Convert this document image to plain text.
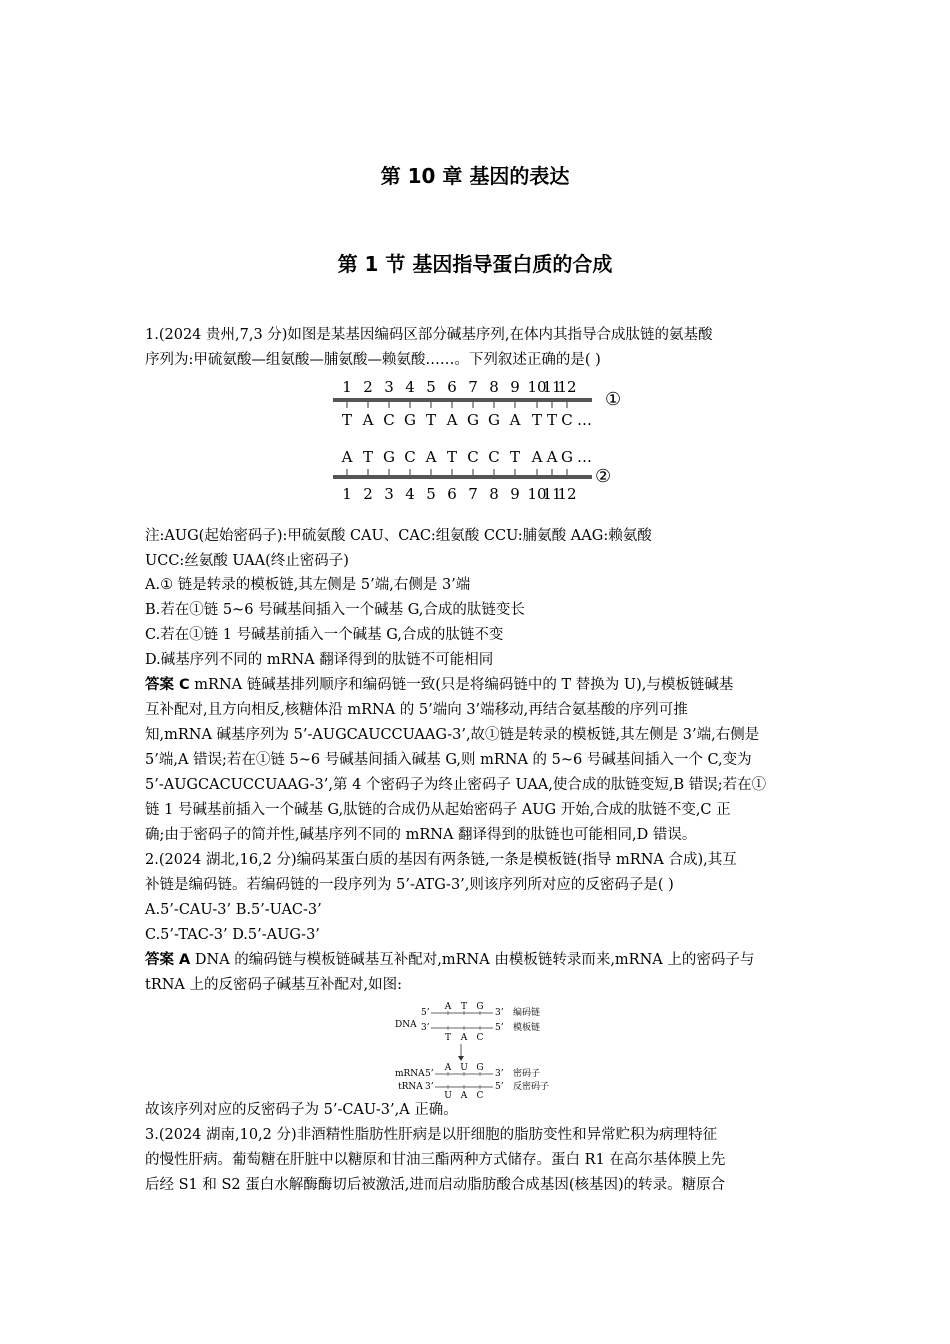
第 10 章 基因的表达
第 1 节 基因指导蛋白质的合成
1.(2024 贵州,7,3 分)如图是某基因编码区部分碱基序列,在体内其指导合成肽链的氨基酸
序列为:甲硫氨酸—组氨酸—脯氨酸—赖氨酸……。下列叙述正确的是( )
1 2 3 4 5 6 7 8 9 10
11
12
①
T A C G T A G G A T T C …
A T G C A T C C T A A G …
②
1 2 3 4 5 6 7 8 9 10
11
12
注:AUG(起始密码子):甲硫氨酸 CAU、CAC:组氨酸 CCU:脯氨酸 AAG:赖氨酸
UCC:丝氨酸 UAA(终止密码子)
A.① 链是转录的模板链,其左侧是 5’端,右侧是 3’端
B.若在①链 5~6 号碱基间插入一个碱基 G,合成的肽链变长
C.若在①链 1 号碱基前插入一个碱基 G,合成的肽链不变
D.碱基序列不同的 mRNA 翻译得到的肽链不可能相同
答案 C mRNA 链碱基排列顺序和编码链一致(只是将编码链中的 T 替换为 U),与模板链碱基
互补配对,且方向相反,核糖体沿 mRNA 的 5’端向 3’端移动,再结合氨基酸的序列可推
知,mRNA 碱基序列为 5’-AUGCAUCCUAAG-3’,故①链是转录的模板链,其左侧是 3’端,右侧是
5’端,A 错误;若在①链 5~6 号碱基间插入碱基 G,则 mRNA 的 5~6 号碱基间插入一个 C,变为
5’-AUGCACUCCUAAG-3’,第 4 个密码子为终止密码子 UAA,使合成的肽链变短,B 错误;若在①
链 1 号碱基前插入一个碱基 G,肽链的合成仍从起始密码子 AUG 开始,合成的肽链不变,C 正
确;由于密码子的简并性,碱基序列不同的 mRNA 翻译得到的肽链也可能相同,D 错误。
2.(2024 湖北,16,2 分)编码某蛋白质的基因有两条链,一条是模板链(指导 mRNA 合成),其互
补链是编码链。若编码链的一段序列为 5’-ATG-3’,则该序列所对应的反密码子是( )
A.5’-CAU-3’ B.5’-UAC-3’
C.5’-TAC-3’ D.5’-AUG-3’
答案 A DNA 的编码链与模板链碱基互补配对,mRNA 由模板链转录而来,mRNA 上的密码子与
tRNA 上的反密码子碱基互补配对,如图:
DNA
5’	3’ 编码链
A T G
3’	5’ 模板链
T A C
mRNA 5’	3’ 密码子
A U G
tRNA 3’	5’ 反密码子
U A C
故该序列对应的反密码子为 5’-CAU-3’,A 正确。
3.(2024 湖南,10,2 分)非酒精性脂肪性肝病是以肝细胞的脂肪变性和异常贮积为病理特征
的慢性肝病。葡萄糖在肝脏中以糖原和甘油三酯两种方式储存。蛋白 R1 在高尔基体膜上先
后经 S1 和 S2 蛋白水解酶酶切后被激活,进而启动脂肪酸合成基因(核基因)的转录。糖原合
